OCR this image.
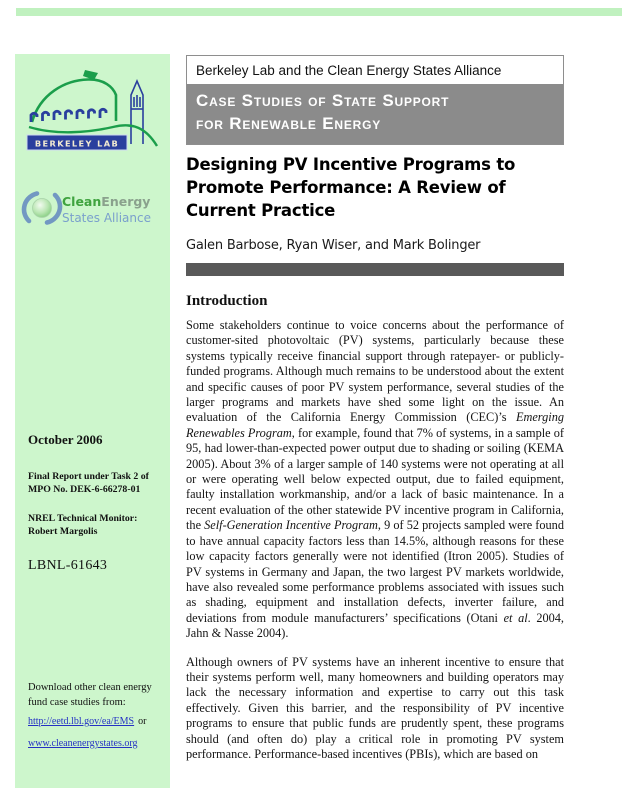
BERKELEY LAB
CleanEnergy
States Alliance
October 2006
Final Report under Task 2 of
MPO No. DEK-6-66278-01
NREL Technical Monitor:
Robert Margolis
LBNL-61643
Download other clean energy
fund case studies from:
http://eetd.lbl.gov/ea/EMS or
www.cleanenergystates.org
Berkeley Lab and the Clean Energy States Alliance
Case Studies of State Support
for Renewable Energy
Designing PV Incentive Programs to
Promote Performance: A Review of
Current Practice
Galen Barbose, Ryan Wiser, and Mark Bolinger
Introduction

Some stakeholders continue to voice concerns about the performance of customer-sited photovoltaic (PV) systems, particularly because these systems typically receive financial support through ratepayer- or publicly-funded programs. Although much remains to be understood about the extent and specific causes of poor PV system performance, several studies of the larger programs and markets have shed some light on the issue. An evaluation of the California Energy Commission (CEC)’s Emerging Renewables Program, for example, found that 7% of systems, in a sample of 95, had lower-than-expected power output due to shading or soiling (KEMA 2005). About 3% of a larger sample of 140 systems were not operating at all or were operating well below expected output, due to failed equipment, faulty installation workmanship, and/or a lack of basic maintenance. In a recent evaluation of the other statewide PV incentive program in California, the Self-Generation Incentive Program, 9 of 52 projects sampled were found to have annual capacity factors less than 14.5%, although reasons for these low capacity factors generally were not identified (Itron 2005). Studies of PV systems in Germany and Japan, the two largest PV markets worldwide, have also revealed some performance problems associated with issues such as shading, equipment and installation defects, inverter failure, and deviations from module manufacturers’ specifications (Otani et al. 2004, Jahn & Nasse 2004).

Although owners of PV systems have an inherent incentive to ensure that their systems perform well, many homeowners and building operators may lack the necessary information and expertise to carry out this task effectively. Given this barrier, and the responsibility of PV incentive programs to ensure that public funds are prudently spent, these programs should (and often do) play a critical role in promoting PV system performance. Performance-based incentives (PBIs), which are based on
